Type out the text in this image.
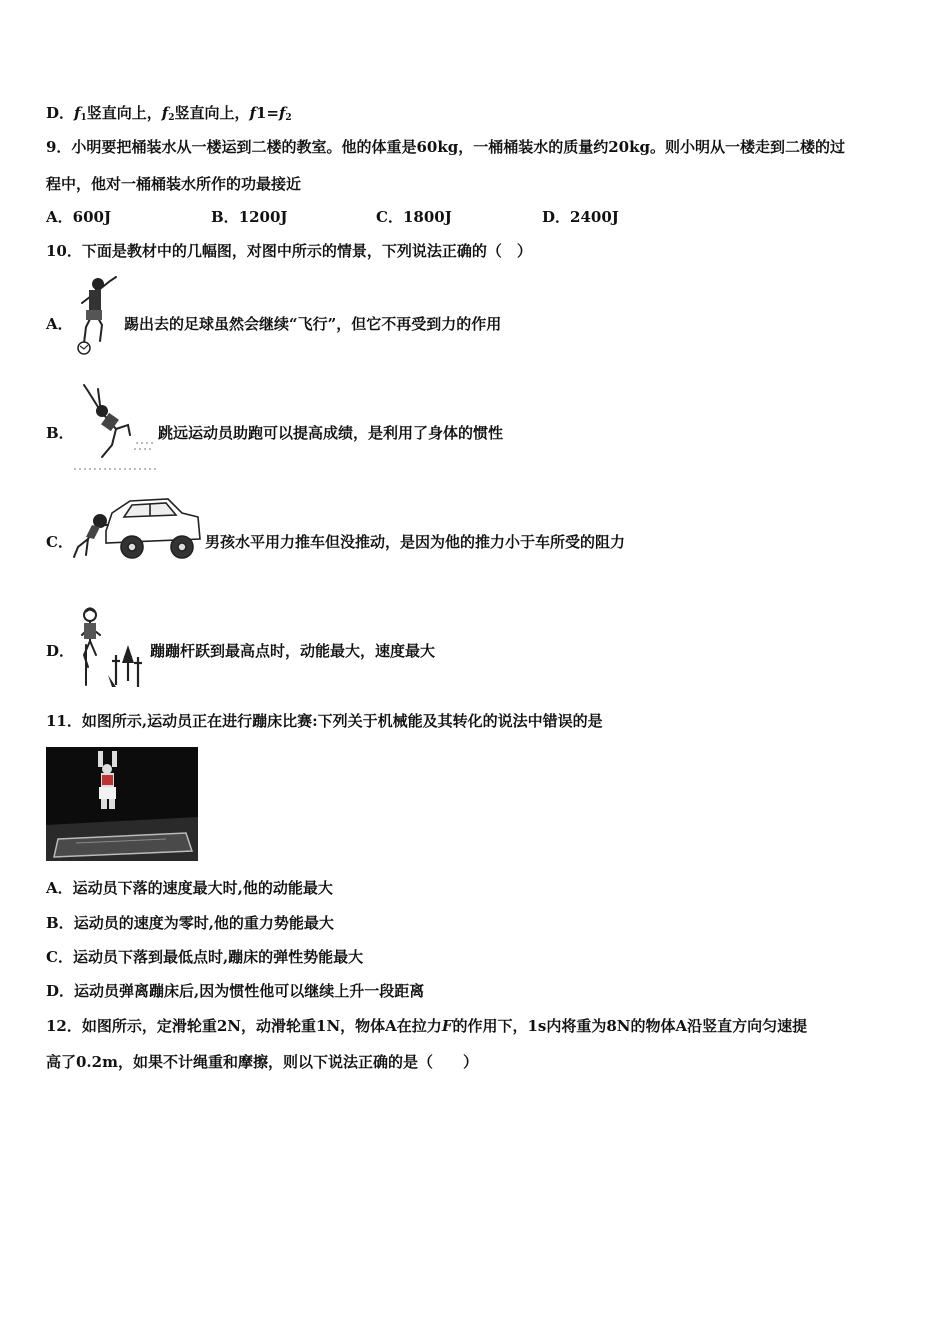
D．$f_1$竖直向上，$f_2$竖直向上，$f1=f_2$
9．小明要把桶装水从一楼运到二楼的教室。他的体重是60kg，一桶桶装水的质量约20kg。则小明从一楼走到二楼的过
程中，他对一桶桶装水所作的功最接近
A．600J	B．1200J	C．1800J	D．2400J
10．下面是教材中的几幅图，对图中所示的情景，下列说法正确的（　）
A．	踢出去的足球虽然会继续“飞行”，但它不再受到力的作用
B．	跳远运动员助跑可以提高成绩，是利用了身体的惯性
C．	男孩水平用力推车但没推动，是因为他的推力小于车所受的阻力
D．	蹦蹦杆跃到最高点时，动能最大，速度最大
11．如图所示,运动员正在进行蹦床比赛:下列关于机械能及其转化的说法中错误的是
A．运动员下落的速度最大时,他的动能最大
B．运动员的速度为零时,他的重力势能最大
C．运动员下落到最低点时,蹦床的弹性势能最大
D．运动员弹离蹦床后,因为惯性他可以继续上升一段距离
12．如图所示，定滑轮重2N，动滑轮重1N，物体A在拉力F的作用下，1s内将重为8N的物体A沿竖直方向匀速提
高了0.2m，如果不计绳重和摩擦，则以下说法正确的是（　　）
